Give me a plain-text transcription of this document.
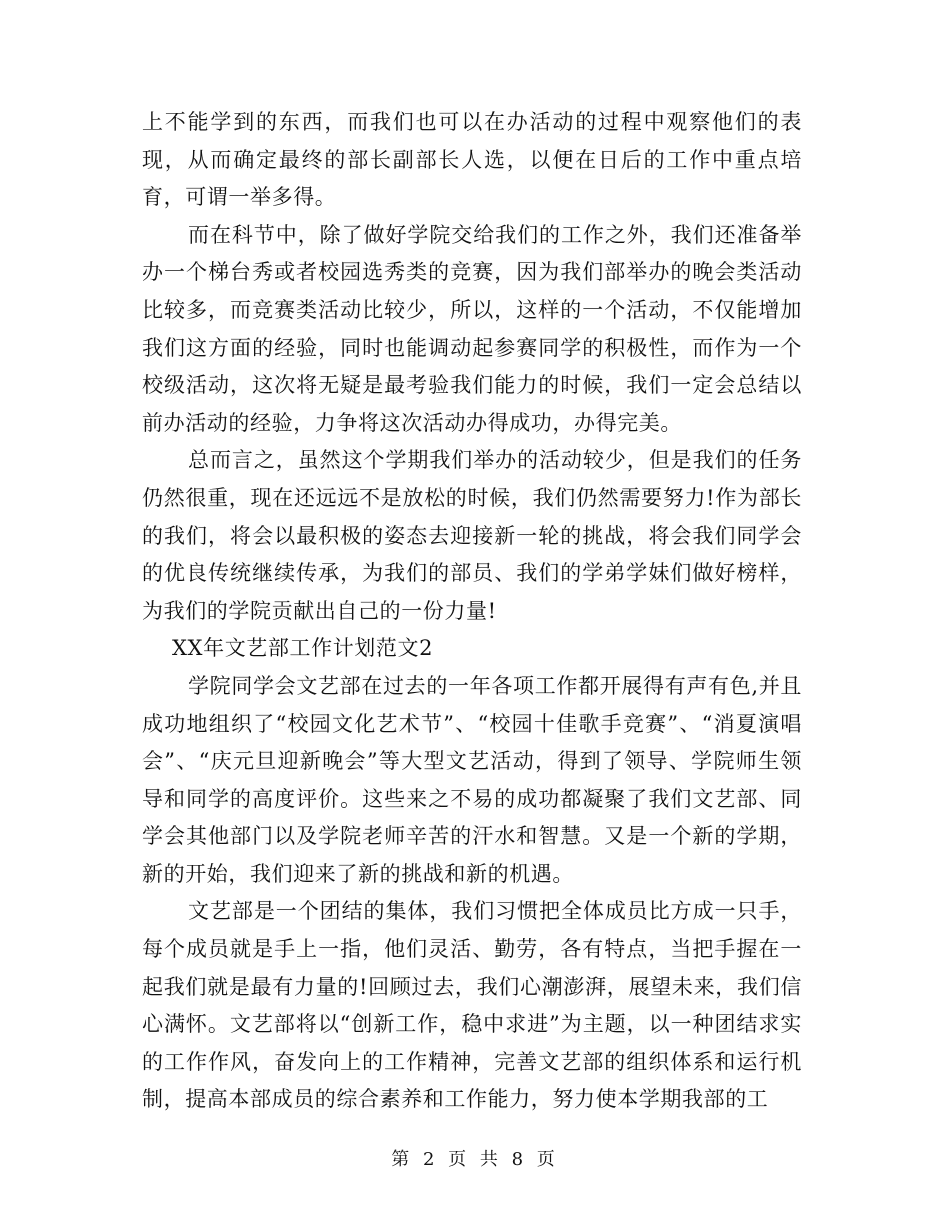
上不能学到的东西，而我们也可以在办活动的过程中观察他们的表现，从而确定最终的部长副部长人选，以便在日后的工作中重点培育，可谓一举多得。

而在科节中，除了做好学院交给我们的工作之外，我们还准备举办一个梯台秀或者校园选秀类的竞赛，因为我们部举办的晚会类活动比较多，而竞赛类活动比较少，所以，这样的一个活动，不仅能增加我们这方面的经验，同时也能调动起参赛同学的积极性，而作为一个校级活动，这次将无疑是最考验我们能力的时候，我们一定会总结以前办活动的经验，力争将这次活动办得成功，办得完美。

总而言之，虽然这个学期我们举办的活动较少，但是我们的任务仍然很重，现在还远远不是放松的时候，我们仍然需要努力!作为部长的我们，将会以最积极的姿态去迎接新一轮的挑战，将会我们同学会的优良传统继续传承，为我们的部员、我们的学弟学妹们做好榜样，为我们的学院贡献出自己的一份力量!

XX年文艺部工作计划范文2

学院同学会文艺部在过去的一年各项工作都开展得有声有色,并且成功地组织了“校园文化艺术节”、“校园十佳歌手竞赛”、“消夏演唱会”、“庆元旦迎新晚会”等大型文艺活动，得到了领导、学院师生领导和同学的高度评价。这些来之不易的成功都凝聚了我们文艺部、同学会其他部门以及学院老师辛苦的汗水和智慧。又是一个新的学期，新的开始，我们迎来了新的挑战和新的机遇。

文艺部是一个团结的集体，我们习惯把全体成员比方成一只手，每个成员就是手上一指，他们灵活、勤劳，各有特点，当把手握在一起我们就是最有力量的!回顾过去，我们心潮澎湃，展望未来，我们信心满怀。文艺部将以“创新工作，稳中求进”为主题，以一种团结求实的工作作风，奋发向上的工作精神，完善文艺部的组织体系和运行机制，提高本部成员的综合素养和工作能力，努力使本学期我部的工

第 2 页 共 8 页
